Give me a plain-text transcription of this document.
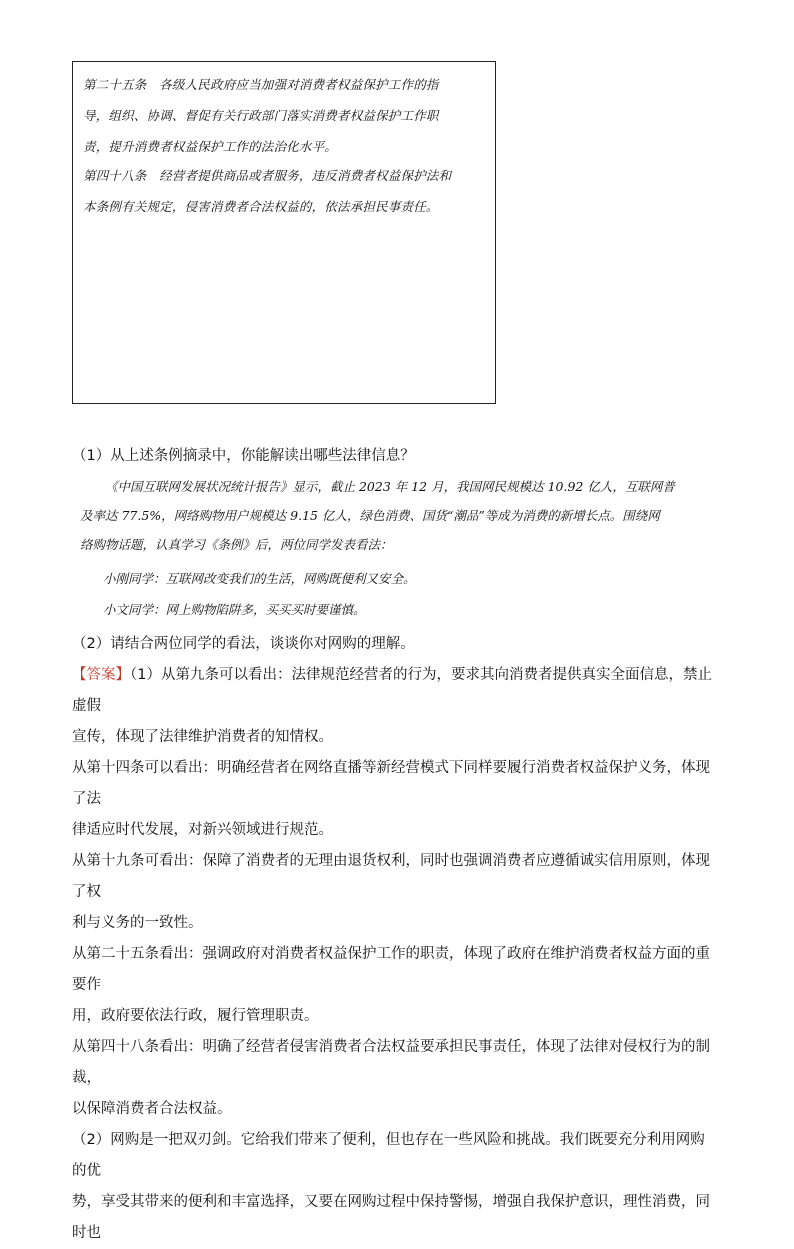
第二十五条　各级人民政府应当加强对消费者权益保护工作的指

导，组织、协调、督促有关行政部门落实消费者权益保护工作职

责，提升消费者权益保护工作的法治化水平。

第四十八条　经营者提供商品或者服务，违反消费者权益保护法和

本条例有关规定，侵害消费者合法权益的，依法承担民事责任。

（1）从上述条例摘录中，你能解读出哪些法律信息？

《中国互联网发展状况统计报告》显示，截止 2023 年 12 月，我国网民规模达 10.92 亿人，互联网普

及率达 77.5%，网络购物用户规模达 9.15 亿人，绿色消费、国货“潮品”等成为消费的新增长点。围绕网

络购物话题，认真学习《条例》后，两位同学发表看法：

小刚同学：互联网改变我们的生活，网购既便利又安全。
小文同学：网上购物陷阱多，买买买时要谨慎。
（2）请结合两位同学的看法，谈谈你对网购的理解。

【答案】（1）从第九条可以看出：法律规范经营者的行为，要求其向消费者提供真实全面信息，禁止虚假

宣传，体现了法律维护消费者的知情权。

从第十四条可以看出：明确经营者在网络直播等新经营模式下同样要履行消费者权益保护义务，体现了法

律适应时代发展，对新兴领域进行规范。

从第十九条可看出：保障了消费者的无理由退货权利，同时也强调消费者应遵循诚实信用原则，体现了权

利与义务的一致性。

从第二十五条看出：强调政府对消费者权益保护工作的职责，体现了政府在维护消费者权益方面的重要作

用，政府要依法行政，履行管理职责。

从第四十八条看出：明确了经营者侵害消费者合法权益要承担民事责任，体现了法律对侵权行为的制裁，

以保障消费者合法权益。

（2）网购是一把双刃剑。它给我们带来了便利，但也存在一些风险和挑战。我们既要充分利用网购的优

势，享受其带来的便利和丰富选择，又要在网购过程中保持警惕，增强自我保护意识，理性消费，同时也
